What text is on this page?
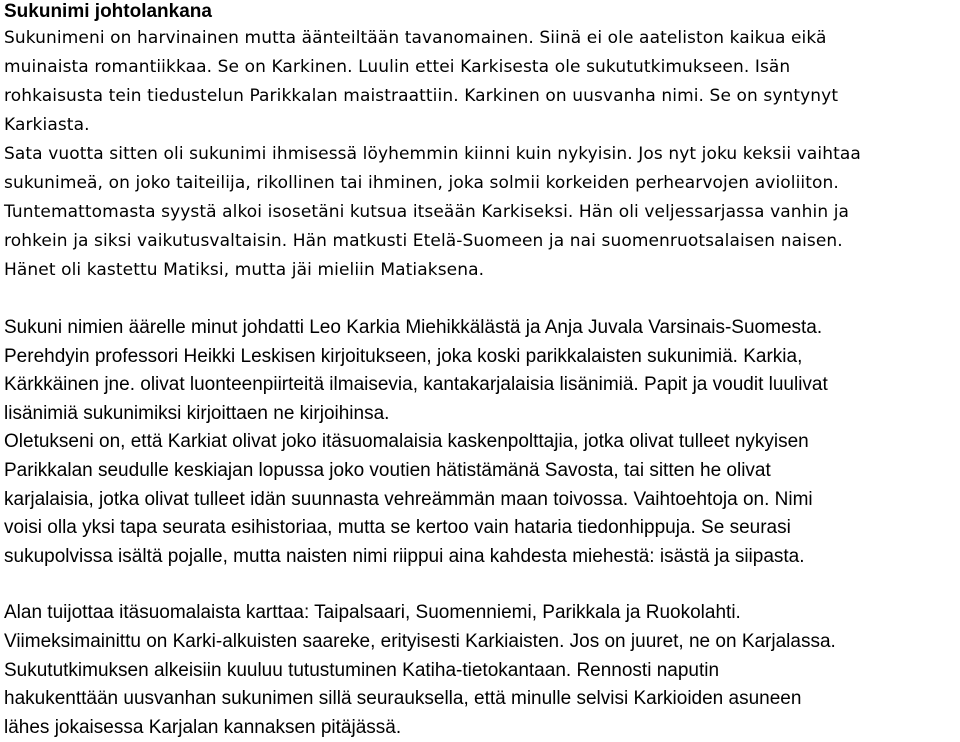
Sukunimi johtolankana
Sukunimeni on harvinainen mutta äänteiltään tavanomainen. Siinä ei ole aateliston kaikua eikä
muinaista romantiikkaa. Se on Karkinen. Luulin ettei Karkisesta ole sukututkimukseen. Isän
rohkaisusta tein tiedustelun Parikkalan maistraattiin. Karkinen on uusvanha nimi. Se on syntynyt
Karkiasta.
Sata vuotta sitten oli sukunimi ihmisessä löyhemmin kiinni kuin nykyisin. Jos nyt joku keksii vaihtaa
sukunimeä, on joko taiteilija, rikollinen tai ihminen, joka solmii korkeiden perhearvojen avioliiton.
Tuntemattomasta syystä alkoi isosetäni kutsua itseään Karkiseksi. Hän oli veljessarjassa vanhin ja
rohkein ja siksi vaikutusvaltaisin. Hän matkusti Etelä-Suomeen ja nai suomenruotsalaisen naisen.
Hänet oli kastettu Matiksi, mutta jäi mieliin Matiaksena.
Sukuni nimien äärelle minut johdatti Leo Karkia Miehikkälästä ja Anja Juvala Varsinais-Suomesta.
Perehdyin professori Heikki Leskisen kirjoitukseen, joka koski parikkalaisten sukunimiä. Karkia,
Kärkkäinen jne. olivat luonteenpiirteitä ilmaisevia, kantakarjalaisia lisänimiä. Papit ja voudit luulivat
lisänimiä sukunimiksi kirjoittaen ne kirjoihinsa.
Oletukseni on, että Karkiat olivat joko itäsuomalaisia kaskenpolttajia, jotka olivat tulleet nykyisen
Parikkalan seudulle keskiajan lopussa joko voutien hätistämänä Savosta, tai sitten he olivat
karjalaisia, jotka olivat tulleet idän suunnasta vehreämmän maan toivossa. Vaihtoehtoja on. Nimi
voisi olla yksi tapa seurata esihistoriaa, mutta se kertoo vain hataria tiedonhippuja. Se seurasi
sukupolvissa isältä pojalle, mutta naisten nimi riippui aina kahdesta miehestä: isästä ja siipasta.
Alan tuijottaa itäsuomalaista karttaa: Taipalsaari, Suomenniemi, Parikkala ja Ruokolahti.
Viimeksimainittu on Karki-alkuisten saareke, erityisesti Karkiaisten. Jos on juuret, ne on Karjalassa.
Sukututkimuksen alkeisiin kuuluu tutustuminen Katiha-tietokantaan. Rennosti naputin
hakukenttään uusvanhan sukunimen sillä seurauksella, että minulle selvisi Karkioiden asuneen
lähes jokaisessa Karjalan kannaksen pitäjässä.
